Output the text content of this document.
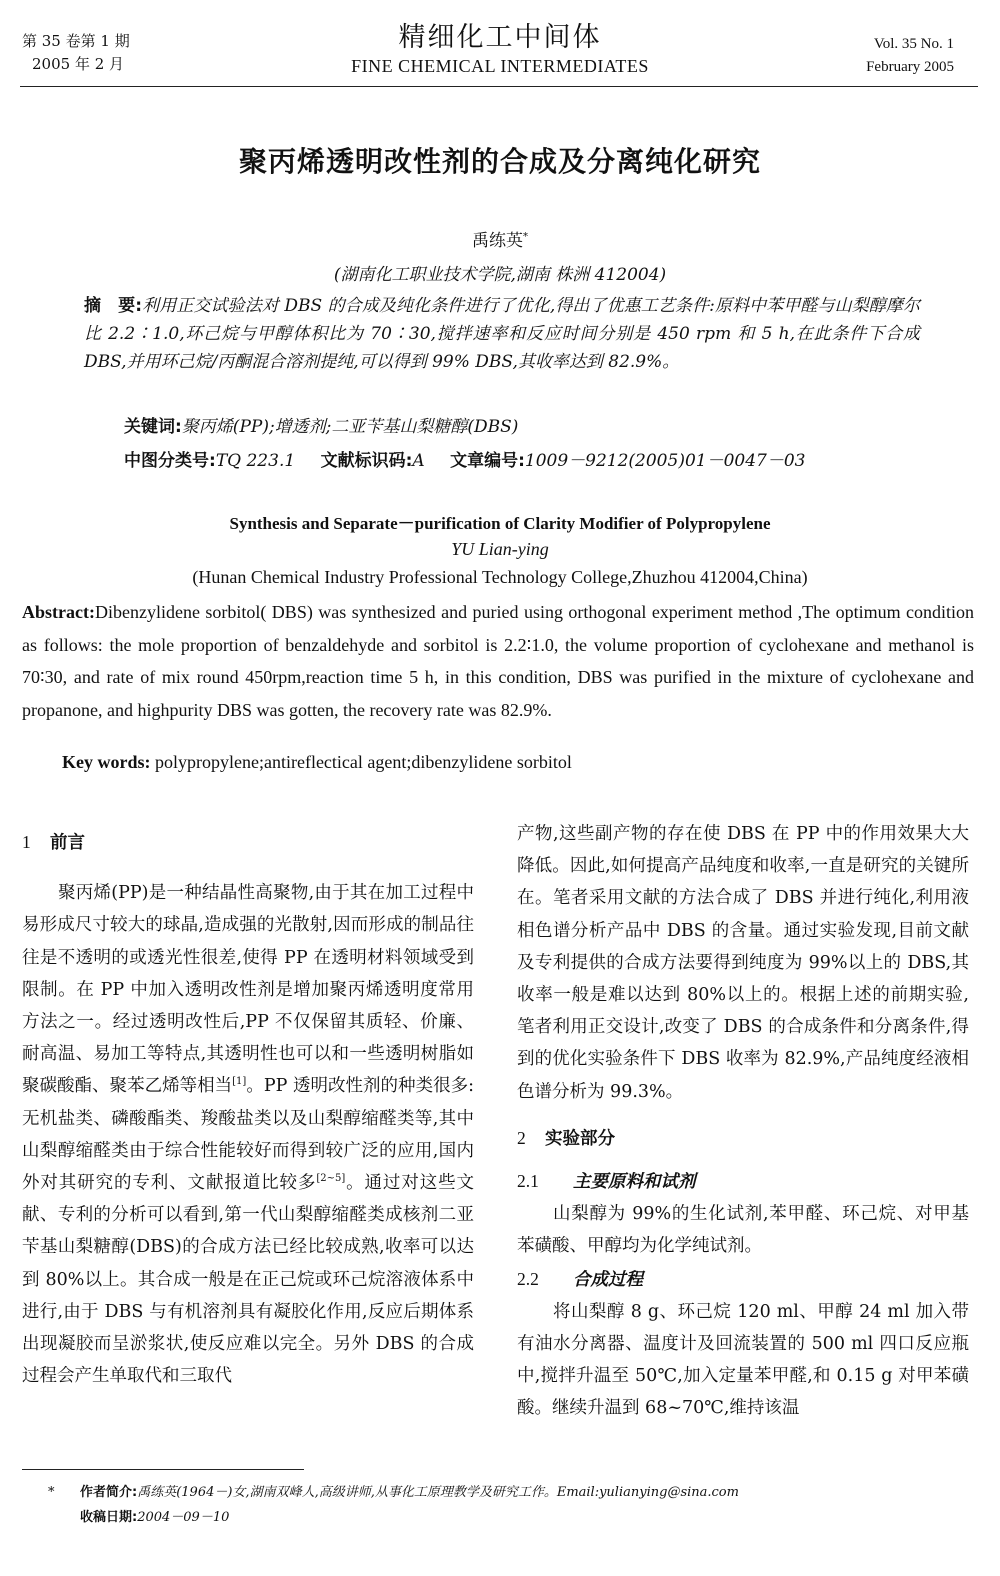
第 35 卷第 1 期
2005 年 2 月
精细化工中间体
FINE CHEMICAL INTERMEDIATES
Vol. 35 No. 1
February 2005
聚丙烯透明改性剂的合成及分离纯化研究
禹练英*
(湖南化工职业技术学院,湖南 株洲 412004)
摘　要:利用正交试验法对 DBS 的合成及纯化条件进行了优化,得出了优惠工艺条件:原料中苯甲醛与山梨醇摩尔比 2.2∶1.0,环己烷与甲醇体积比为 70∶30,搅拌速率和反应时间分别是 450 rpm 和 5 h,在此条件下合成 DBS,并用环己烷/丙酮混合溶剂提纯,可以得到 99% DBS,其收率达到 82.9%。
关键词:聚丙烯(PP);增透剂;二亚苄基山梨糖醇(DBS)
中图分类号:TQ 223.1 文献标识码:A 文章编号:1009－9212(2005)01－0047－03
Synthesis and Separate－purification of Clarity Modifier of Polypropylene
YU Lian-ying
(Hunan Chemical Industry Professional Technology College,Zhuzhou 412004,China)
Abstract:Dibenzylidene sorbitol( DBS) was synthesized and puried using orthogonal experiment method ,The optimum condition as follows: the mole proportion of benzaldehyde and sorbitol is 2.2∶1.0, the volume proportion of cyclohexane and methanol is 70∶30, and rate of mix round 450rpm,reaction time 5 h, in this condition, DBS was purified in the mixture of cyclohexane and propanone, and highpurity DBS was gotten, the recovery rate was 82.9%.
Key words: polypropylene;antireflectical agent;dibenzylidene sorbitol
1 前言

聚丙烯(PP)是一种结晶性高聚物,由于其在加工过程中易形成尺寸较大的球晶,造成强的光散射,因而形成的制品往往是不透明的或透光性很差,使得 PP 在透明材料领域受到限制。在 PP 中加入透明改性剂是增加聚丙烯透明度常用方法之一。经过透明改性后,PP 不仅保留其质轻、价廉、耐高温、易加工等特点,其透明性也可以和一些透明树脂如聚碳酸酯、聚苯乙烯等相当[1]。PP 透明改性剂的种类很多:无机盐类、磷酸酯类、羧酸盐类以及山梨醇缩醛类等,其中山梨醇缩醛类由于综合性能较好而得到较广泛的应用,国内外对其研究的专利、文献报道比较多[2~5]。通过对这些文献、专利的分析可以看到,第一代山梨醇缩醛类成核剂二亚苄基山梨糖醇(DBS)的合成方法已经比较成熟,收率可以达到 80%以上。其合成一般是在正己烷或环己烷溶液体系中进行,由于 DBS 与有机溶剂具有凝胶化作用,反应后期体系出现凝胶而呈淤浆状,使反应难以完全。另外 DBS 的合成过程会产生单取代和三取代

产物,这些副产物的存在使 DBS 在 PP 中的作用效果大大降低。因此,如何提高产品纯度和收率,一直是研究的关键所在。笔者采用文献的方法合成了 DBS 并进行纯化,利用液相色谱分析产品中 DBS 的含量。通过实验发现,目前文献及专利提供的合成方法要得到纯度为 99%以上的 DBS,其收率一般是难以达到 80%以上的。根据上述的前期实验,笔者利用正交设计,改变了 DBS 的合成条件和分离条件,得到的优化实验条件下 DBS 收率为 82.9%,产品纯度经液相色谱分析为 99.3%。

2 实验部分
2.1 主要原料和试剂

山梨醇为 99%的生化试剂,苯甲醛、环己烷、对甲基苯磺酸、甲醇均为化学纯试剂。

2.2 合成过程

将山梨醇 8 g、环己烷 120 ml、甲醇 24 ml 加入带有油水分离器、温度计及回流装置的 500 ml 四口反应瓶中,搅拌升温至 50℃,加入定量苯甲醛,和 0.15 g 对甲苯磺酸。继续升温到 68~70℃,维持该温

* 作者简介:禹练英(1964－)女,湖南双峰人,高级讲师,从事化工原理教学及研究工作。Email:yulianying@sina.com
收稿日期:2004－09－10
